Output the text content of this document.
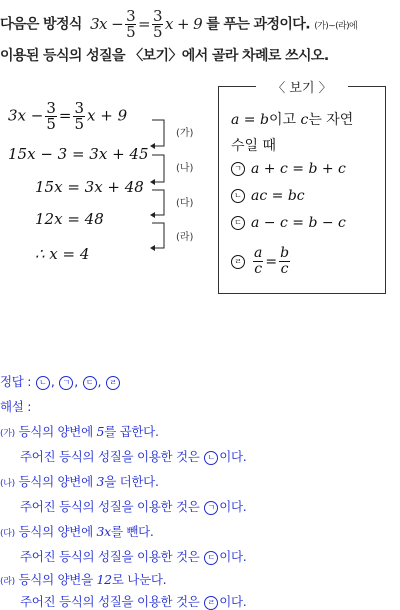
다음은 방정식 $3x - \frac{3}{5} = \frac{3}{5}$ x + 9 를 푸는 과정이다. (가)~(라)에
이용된 등식의 성질을 〈보기〉에서 골라 차례로 쓰시오.
$3x - \frac{3}{5} = \frac{3}{5}$ x + 9
15x − 3 = 3x + 45
15x = 3x + 48
12x = 48
∴ x = 4
(가)
(나)
(다)
(라)
〈 보기 〉
a = b이고 c는 자연
수일 때
ㄱ a + c = b + c
ㄴ ac = bc
ㄷ a − c = b − c
ㄹ $\frac{a}{c} = \frac{b}{c}$
정답 : ㄴ , ㄱ , ㄷ , ㄹ
해설 :
(가) 등식의 양변에 5를 곱한다.
주어진 등식의 성질을 이용한 것은 ㄴ 이다.
(나) 등식의 양변에 3을 더한다.
주어진 등식의 성질을 이용한 것은 ㄱ 이다.
(다) 등식의 양변에 3x를 뺀다.
주어진 등식의 성질을 이용한 것은 ㄷ 이다.
(라) 등식의 양변을 12로 나눈다.
주어진 등식의 성질을 이용한 것은 ㄹ 이다.
